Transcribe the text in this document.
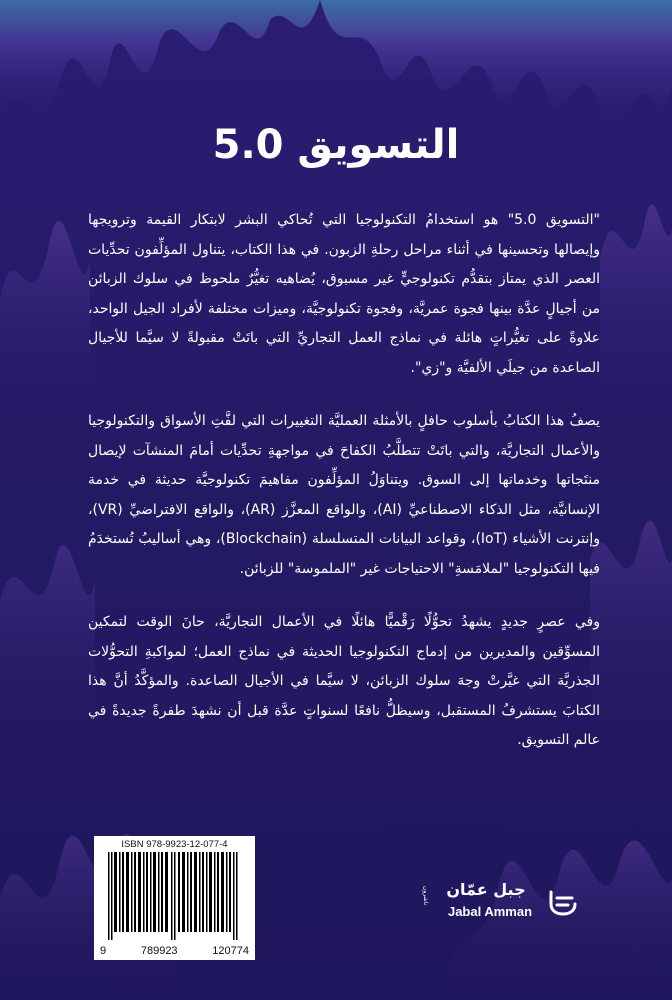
التسويق 5.0

"التسويق 5.0" هو استخدامُ التكنولوجيا التي تُحاكي البشر لابتكار القيمة وترويجها وإيصالها وتحسينها في أثناء مراحل رحلةِ الزبون. في هذا الكتاب، يتناول المؤلِّفون تحدِّيات العصر الذي يمتاز بتقدُّم تكنولوجيٍّ غير مسبوق، يُضاهيه تغيُّرٌ ملحوظ في سلوك الزبائن من أجيالٍ عدَّة بينها فجوة عمريَّة، وفجوة تكنولوجيَّة، وميزات مختلفة لأفراد الجيل الواحد، علاوةً على تغيُّراتٍ هائلة في نماذج العمل التجاريِّ التي باتَتْ مقبولةً لا سيَّما للأجيال الصاعدة من جيلَي الألفيَّة و"زي".

يصفُ هذا الكتابُ بأسلوب حافلٍ بالأمثلة العمليَّة التغييرات التي لفَّتِ الأسواق والتكنولوجيا والأعمال التجاريَّة، والتي باتَتْ تتطلَّبُ الكفاحَ في مواجهةِ تحدِّيات أمامَ المنشآت لإيصال منتَجاتها وخدماتها إلى السوق. ويتناوَلُ المؤلِّفون مفاهيمَ تكنولوجيَّة حديثة في خدمة الإنسانيَّة، مثل الذكاء الاصطناعيِّ (AI)، والواقع المعزَّز (AR)، والواقع الافتراضيِّ (VR)، وإنترنت الأشياء (IoT)، وقواعد البيانات المتسلسلة (Blockchain)، وهي أساليبُ تُستخدَمُ فيها التكنولوجيا "لملامَسةِ" الاحتياجات غير "الملموسة" للزبائن.

وفي عصرٍ جديدٍ يشهدُ تحوُّلًا رَقْميًّا هائلًا في الأعمال التجاريَّة، حانَ الوقت لتمكين المسوِّقين والمديرين من إدماج التكنولوجيا الحديثة في نماذج العمل؛ لمواكبةِ التحوُّلات الجذريَّة التي غيَّرتْ وجهَ سلوك الزبائن، لا سيَّما في الأجيال الصاعدة. والمؤكَّدُ أنَّ هذا الكتابَ يستشرفُ المستقبل، وسيظلُّ نافعًا لسنواتٍ عدَّة قبل أن نشهدَ طفرةً جديدةً في عالم التسويق.

ISBN 978-9923-12-077-4
9	789923	120774
ناشرون	جبل عمّان
Jabal Amman
